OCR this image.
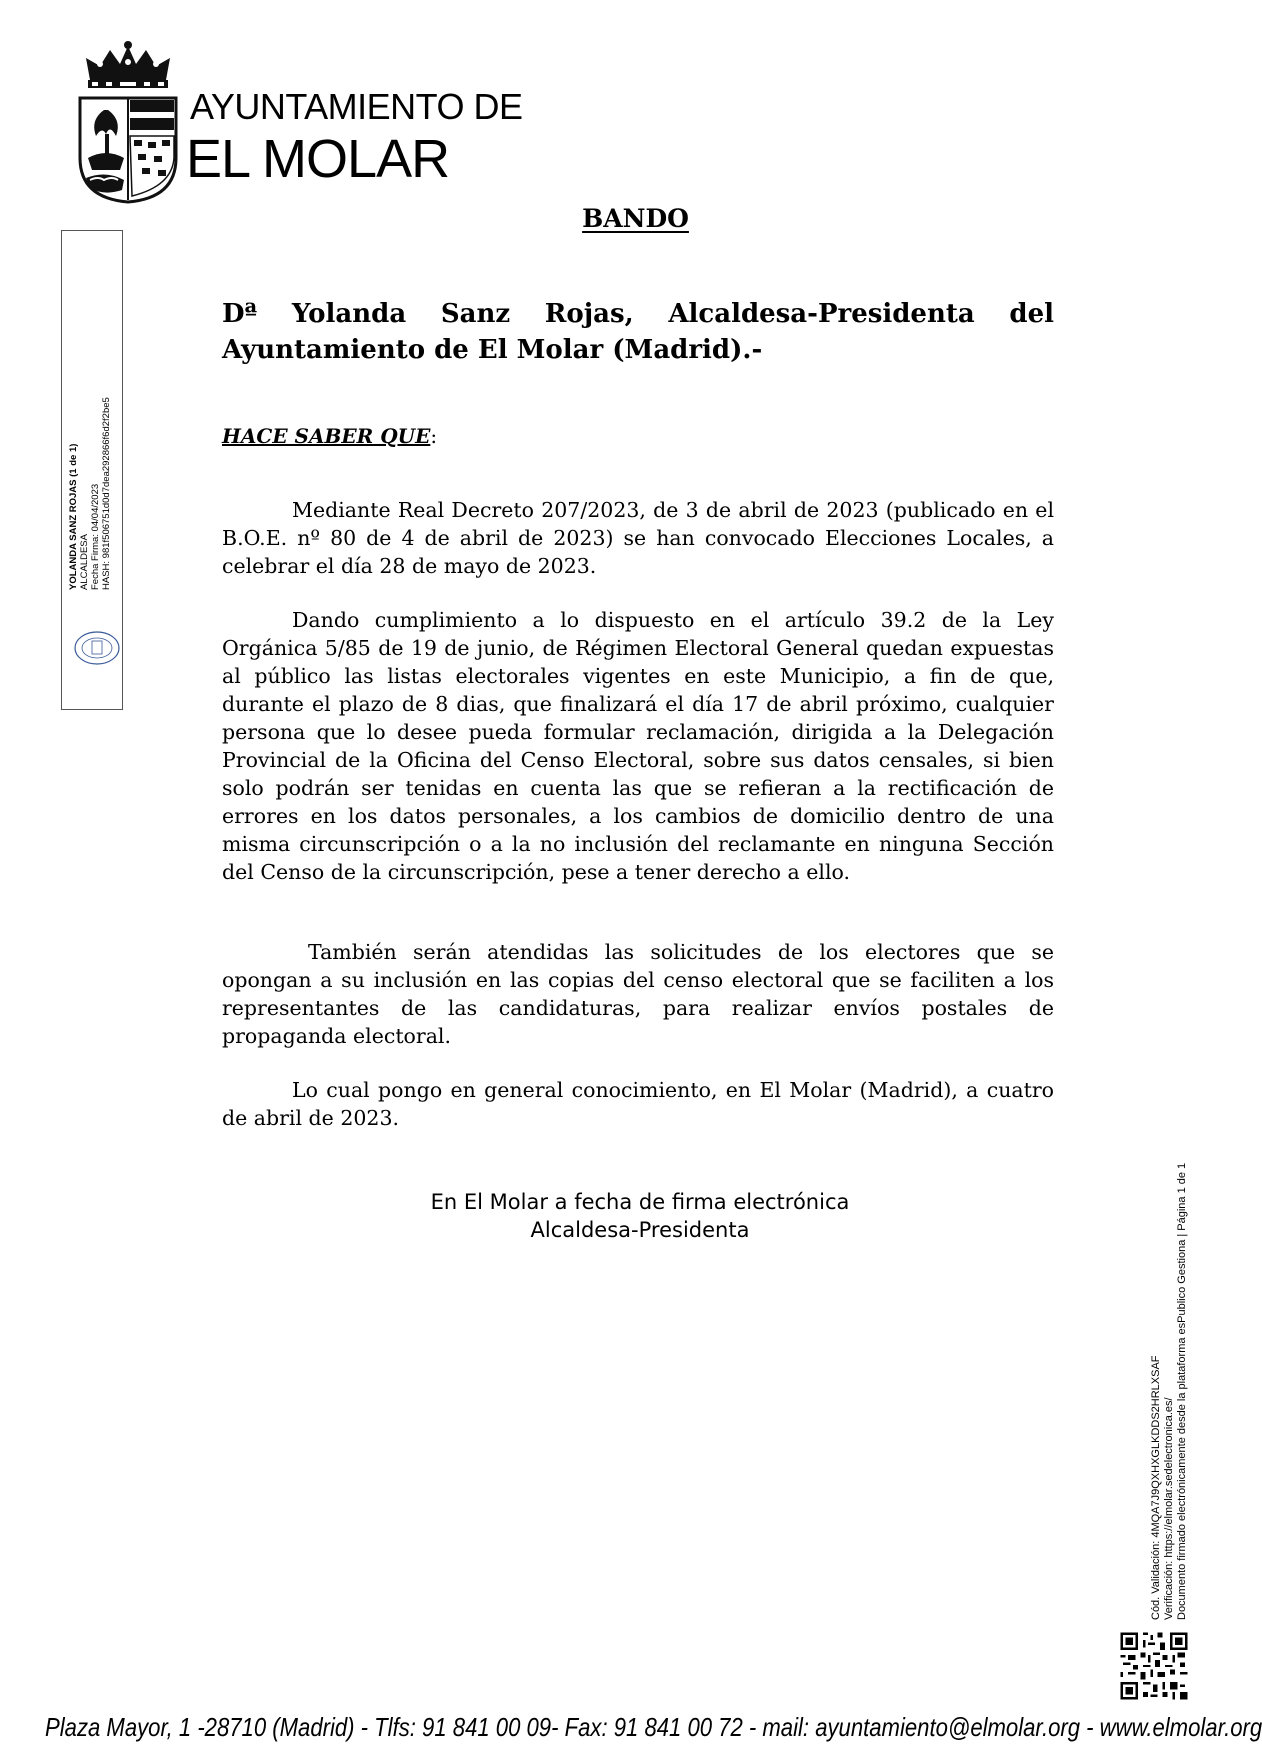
AYUNTAMIENTO DE
EL MOLAR
YOLANDA SANZ ROJAS (1 de 1) ALCALDESA Fecha Firma: 04/04/2023 HASH: 981f506751d0d7dea292866f6d2f2be5
BANDO
Dª Yolanda Sanz Rojas, Alcaldesa-Presidenta del Ayuntamiento de El Molar (Madrid).-
HACE SABER QUE:

Mediante Real Decreto 207/2023, de 3 de abril de 2023 (publicado en el B.O.E. nº 80 de 4 de abril de 2023) se han convocado Elecciones Locales, a celebrar el día 28 de mayo de 2023.

Dando cumplimiento a lo dispuesto en el artículo 39.2 de la Ley Orgánica 5/85 de 19 de junio, de Régimen Electoral General quedan expuestas al público las listas electorales vigentes en este Municipio, a fin de que, durante el plazo de 8 dias, que finalizará el día 17 de abril próximo, cualquier persona que lo desee pueda formular reclamación, dirigida a la Delegación Provincial de la Oficina del Censo Electoral, sobre sus datos censales, si bien solo podrán ser tenidas en cuenta las que se refieran a la rectificación de errores en los datos personales, a los cambios de domicilio dentro de una misma circunscripción o a la no inclusión del reclamante en ninguna Sección del Censo de la circunscripción, pese a tener derecho a ello.

También serán atendidas las solicitudes de los electores que se opongan a su inclusión en las copias del censo electoral que se faciliten a los representantes de las candidaturas, para realizar envíos postales de propaganda electoral.

Lo cual pongo en general conocimiento, en El Molar (Madrid), a cuatro de abril de 2023.

En El Molar a fecha de firma electrónica
Alcaldesa-Presidenta
Cód. Validación: 4MQA7J9QXHXGLKDDS2HRLXSAF Verificación: https://elmolar.sedelectronica.es/ Documento firmado electrónicamente desde la plataforma esPublico Gestiona | Página 1 de 1
Plaza Mayor, 1 -28710 (Madrid) - Tlfs: 91 841 00 09- Fax: 91 841 00 72 - mail: ayuntamiento@elmolar.org - www.elmolar.org
